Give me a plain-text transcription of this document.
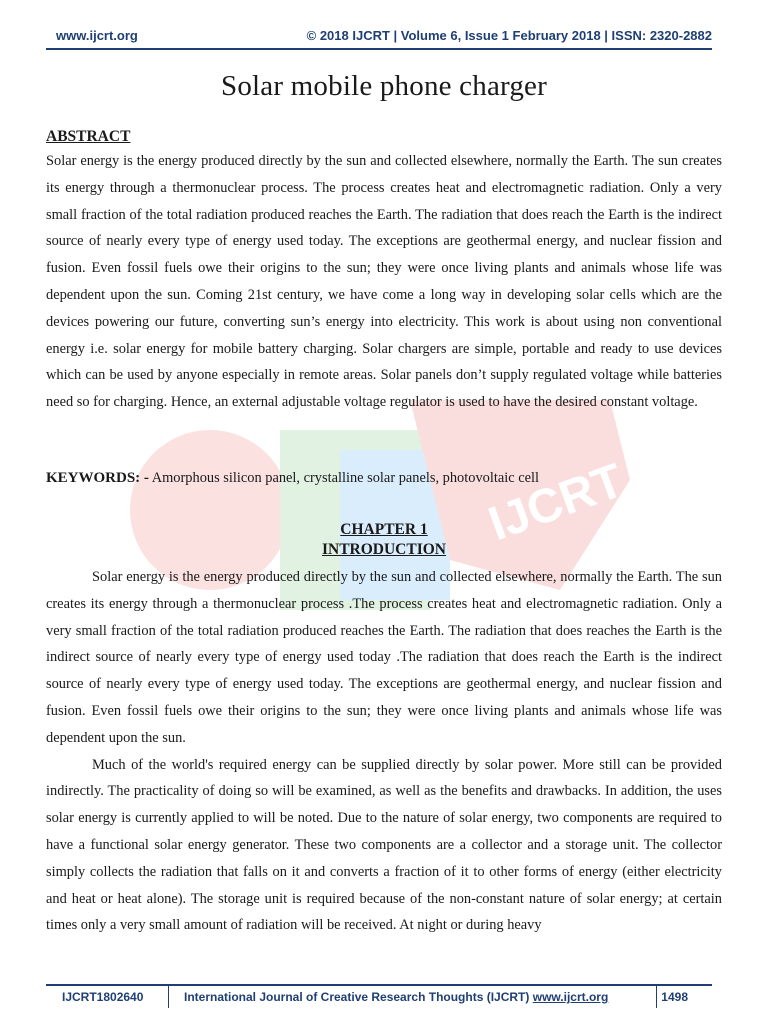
IJCRT
www.ijcrt.org	© 2018 IJCRT | Volume 6, Issue 1 February 2018 | ISSN: 2320-2882
Solar mobile phone charger
ABSTRACT
Solar energy is the energy produced directly by the sun and collected elsewhere, normally the Earth. The sun creates its energy through a thermonuclear process. The process creates heat and electromagnetic radiation. Only a very small fraction of the total radiation produced reaches the Earth. The radiation that does reach the Earth is the indirect source of nearly every type of energy used today. The exceptions are geothermal energy, and nuclear fission and fusion. Even fossil fuels owe their origins to the sun; they were once living plants and animals whose life was dependent upon the sun. Coming 21st century, we have come a long way in developing solar cells which are the devices powering our future, converting sun’s energy into electricity. This work is about using non conventional energy i.e. solar energy for mobile battery charging. Solar chargers are simple, portable and ready to use devices which can be used by anyone especially in remote areas. Solar panels don’t supply regulated voltage while batteries need so for charging. Hence, an external adjustable voltage regulator is used to have the desired constant voltage.
KEYWORDS: - Amorphous silicon panel, crystalline solar panels, photovoltaic cell
CHAPTER 1
INTRODUCTION

Solar energy is the energy produced directly by the sun and collected elsewhere, normally the Earth. The sun creates its energy through a thermonuclear process .The process creates heat and electromagnetic radiation. Only a very small fraction of the total radiation produced reaches the Earth. The radiation that does reaches the Earth is the indirect source of nearly every type of energy used today .The radiation that does reach the Earth is the indirect source of nearly every type of energy used today. The exceptions are geothermal energy, and nuclear fission and fusion. Even fossil fuels owe their origins to the sun; they were once living plants and animals whose life was dependent upon the sun.

Much of the world's required energy can be supplied directly by solar power. More still can be provided indirectly. The practicality of doing so will be examined, as well as the benefits and drawbacks. In addition, the uses solar energy is currently applied to will be noted. Due to the nature of solar energy, two components are required to have a functional solar energy generator. These two components are a collector and a storage unit. The collector simply collects the radiation that falls on it and converts a fraction of it to other forms of energy (either electricity and heat or heat alone). The storage unit is required because of the non-constant nature of solar energy; at certain times only a very small amount of radiation will be received. At night or during heavy

IJCRT1802640	International Journal of Creative Research Thoughts (IJCRT) www.ijcrt.org	1498
